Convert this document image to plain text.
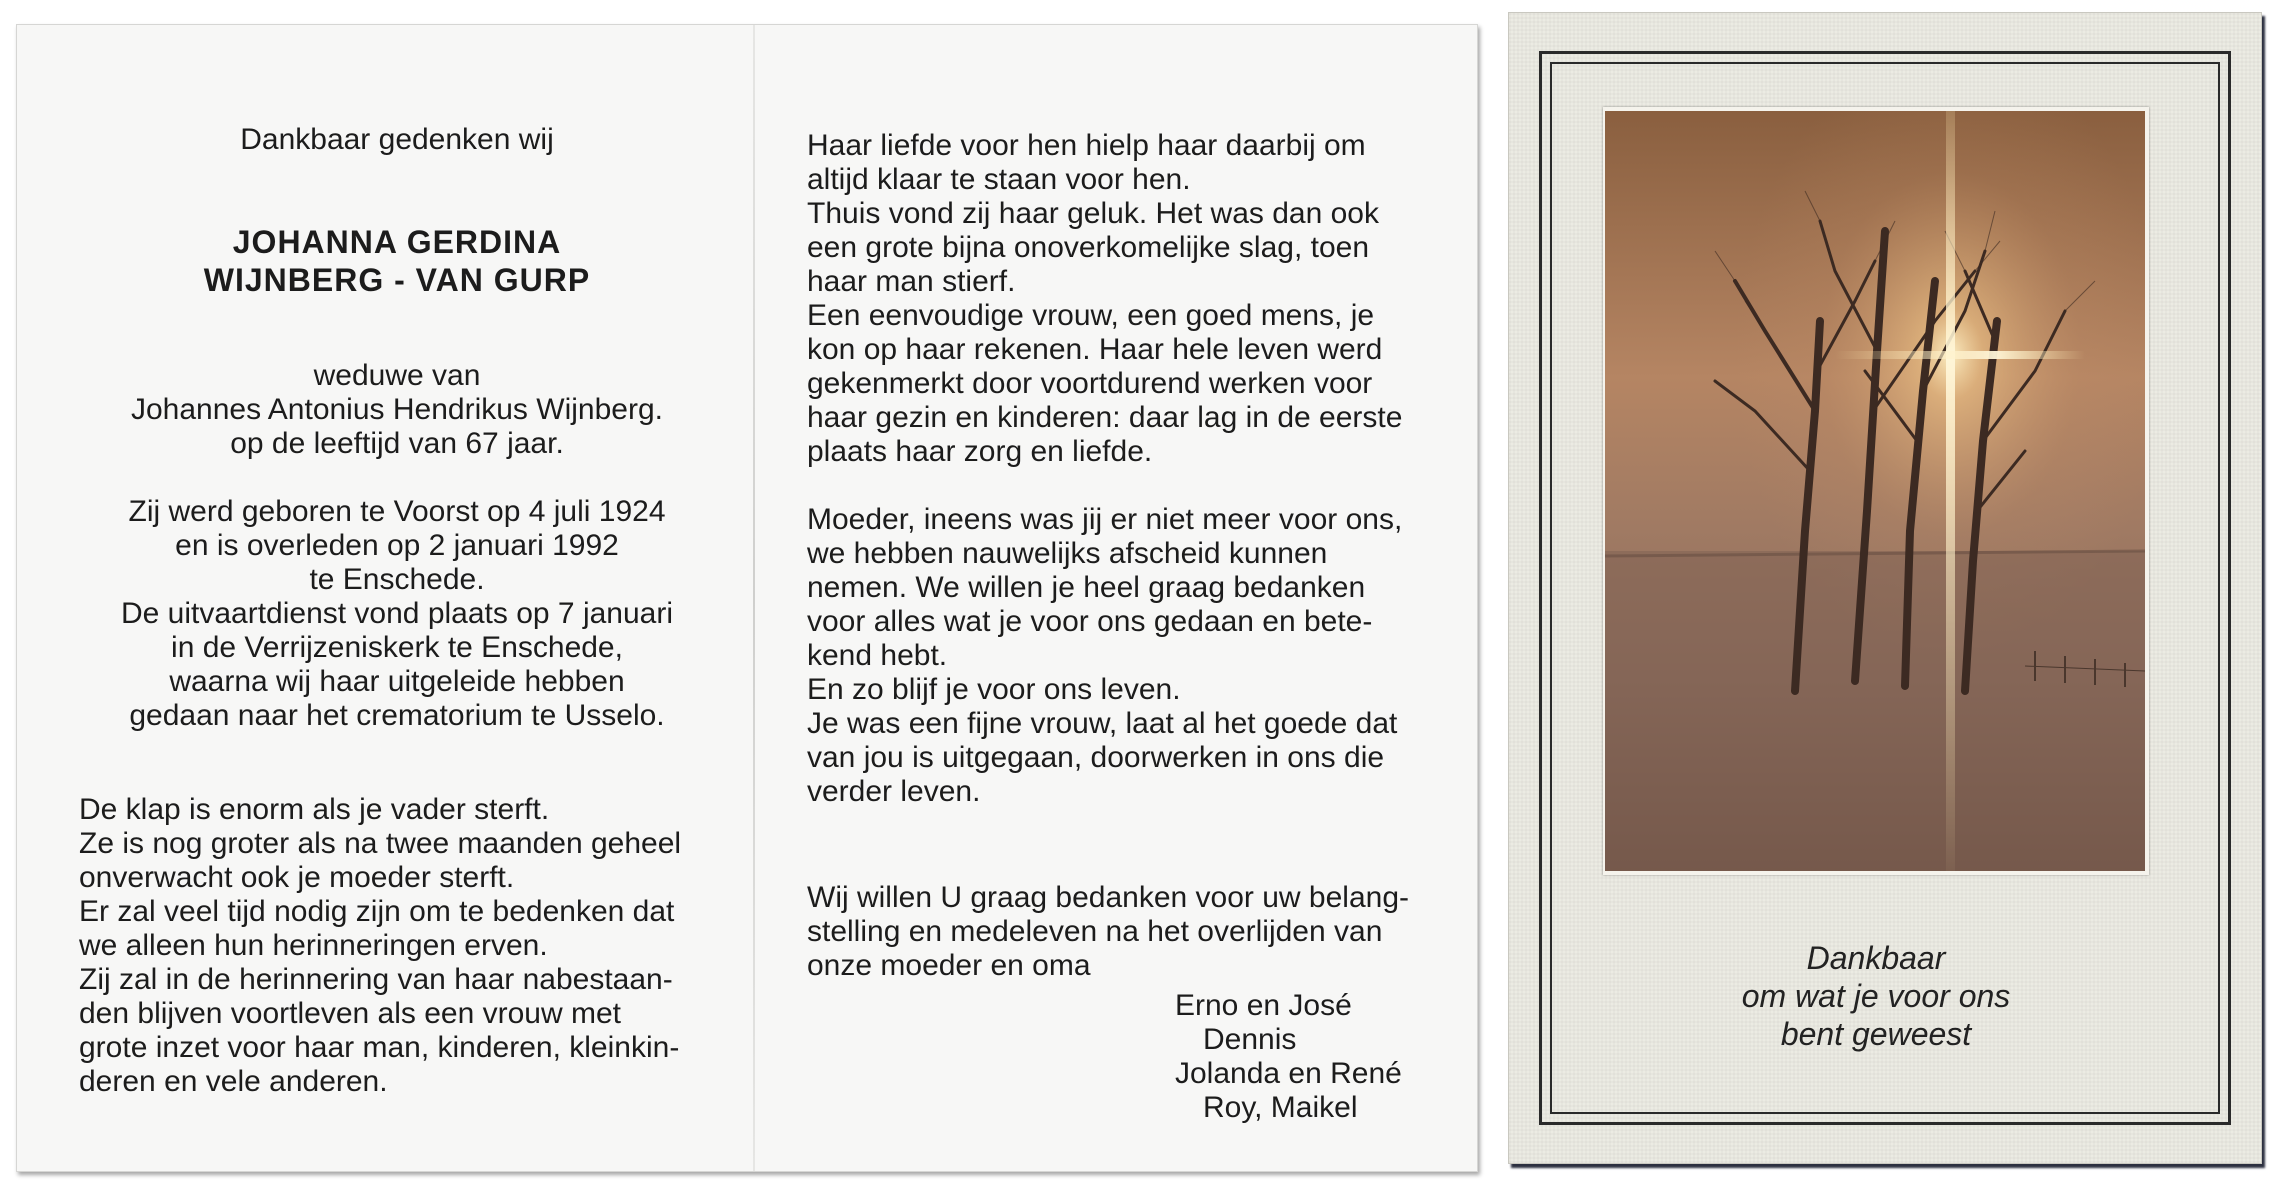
Dankbaar gedenken wij
JOHANNA GERDINA
WIJNBERG - VAN GURP
weduwe van
Johannes Antonius Hendrikus Wijnberg.
op de leeftijd van 67 jaar.
Zij werd geboren te Voorst op 4 juli 1924
en is overleden op 2 januari 1992
te Enschede.
De uitvaartdienst vond plaats op 7 januari
in de Verrijzeniskerk te Enschede,
waarna wij haar uitgeleide hebben
gedaan naar het crematorium te Usselo.
De klap is enorm als je vader sterft.
Ze is nog groter als na twee maanden geheel
onverwacht ook je moeder sterft.
Er zal veel tijd nodig zijn om te bedenken dat
we alleen hun herinneringen erven.
Zij zal in de herinnering van haar nabestaan-
den blijven voortleven als een vrouw met
grote inzet voor haar man, kinderen, kleinkin-
deren en vele anderen.
Haar liefde voor hen hielp haar daarbij om
altijd klaar te staan voor hen.
Thuis vond zij haar geluk. Het was dan ook
een grote bijna onoverkomelijke slag, toen
haar man stierf.
Een eenvoudige vrouw, een goed mens, je
kon op haar rekenen. Haar hele leven werd
gekenmerkt door voortdurend werken voor
haar gezin en kinderen: daar lag in de eerste
plaats haar zorg en liefde.
Moeder, ineens was jij er niet meer voor ons,
we hebben nauwelijks afscheid kunnen
nemen. We willen je heel graag bedanken
voor alles wat je voor ons gedaan en bete-
kend hebt.
En zo blijf je voor ons leven.
Je was een fijne vrouw, laat al het goede dat
van jou is uitgegaan, doorwerken in ons die
verder leven.
Wij willen U graag bedanken voor uw belang-
stelling en medeleven na het overlijden van
onze moeder en oma
Erno en José
Dennis
Jolanda en René
Roy, Maikel
Dankbaar
om wat je voor ons
bent geweest
